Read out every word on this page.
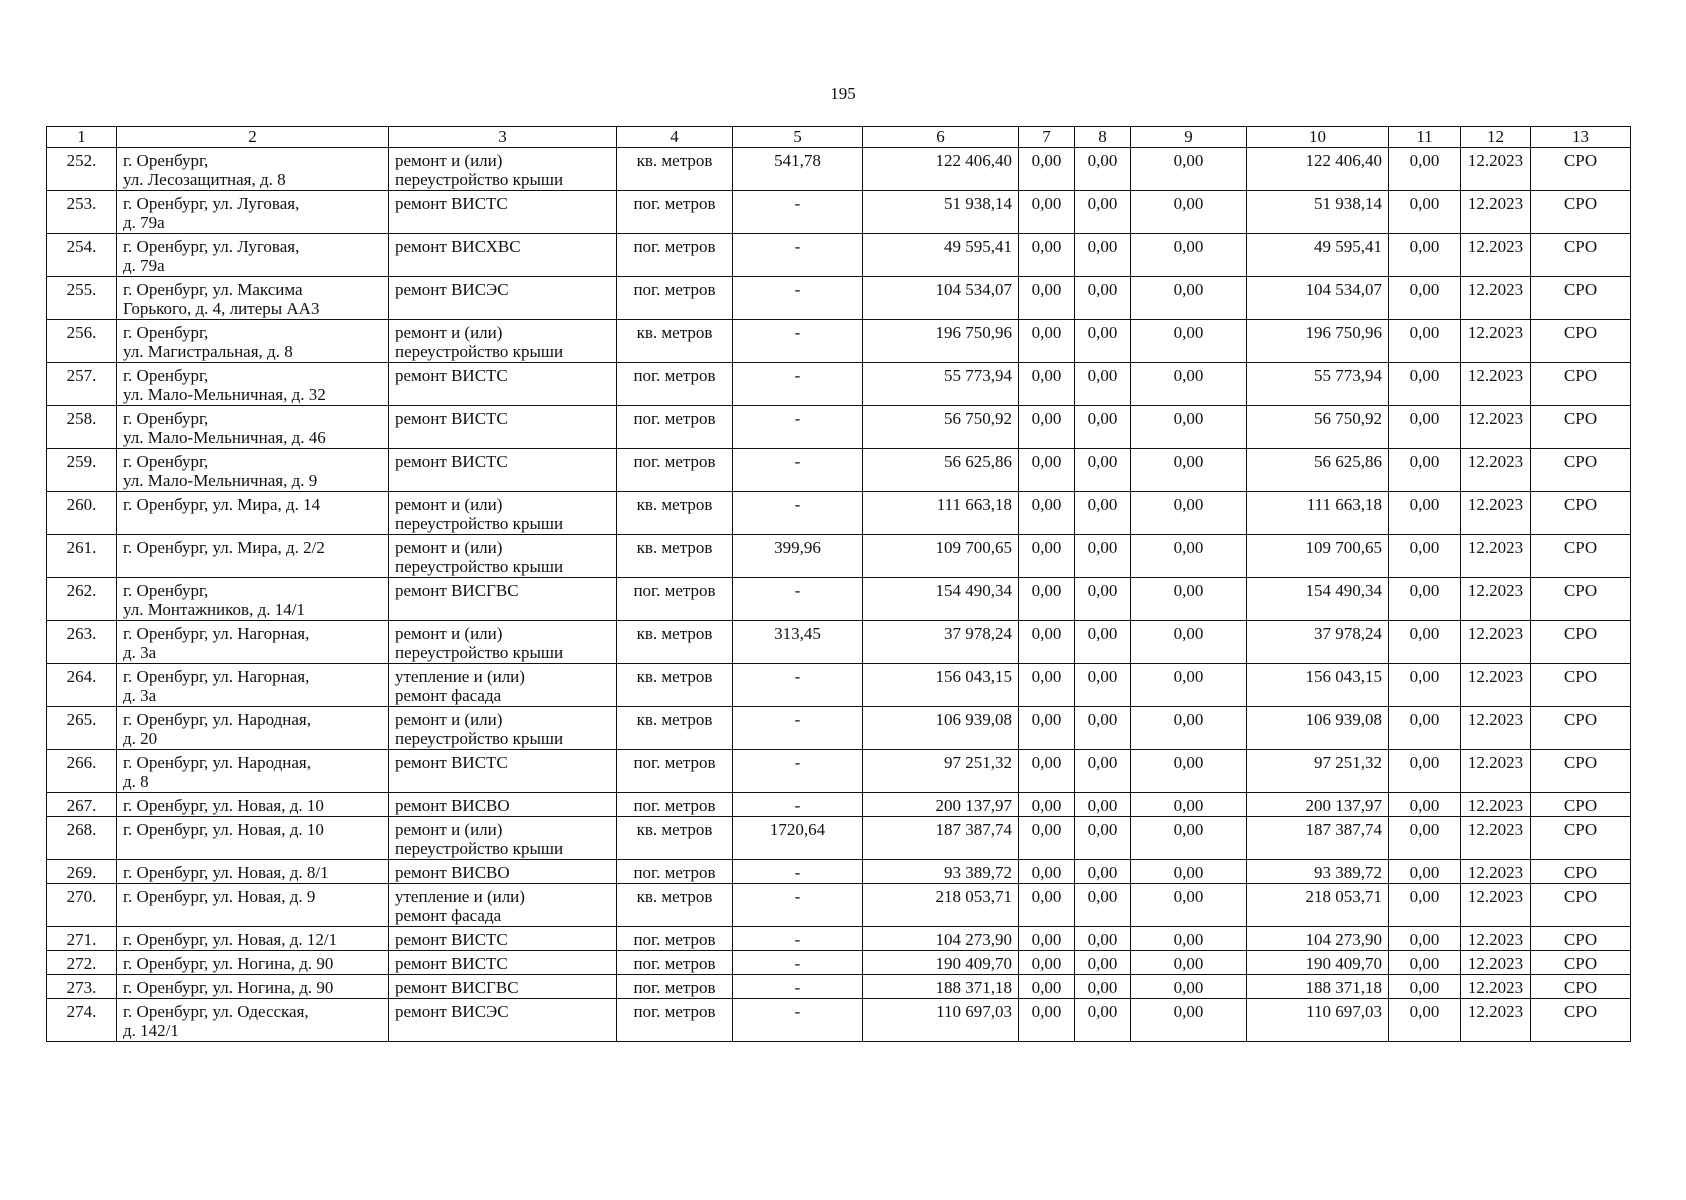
195
1	2	3	4	5	6	7	8	9	10	11	12	13
252.	г. Оренбург,
ул. Лесозащитная, д. 8	ремонт и (или)
переустройство крыши	кв. метров	541,78	122 406,40	0,00	0,00	0,00	122 406,40	0,00	12.2023	СРО
253.	г. Оренбург, ул. Луговая,
д. 79а	ремонт ВИСТС	пог. метров	-	51 938,14	0,00	0,00	0,00	51 938,14	0,00	12.2023	СРО
254.	г. Оренбург, ул. Луговая,
д. 79а	ремонт ВИСХВС	пог. метров	-	49 595,41	0,00	0,00	0,00	49 595,41	0,00	12.2023	СРО
255.	г. Оренбург, ул. Максима
Горького, д. 4, литеры АА3	ремонт ВИСЭС	пог. метров	-	104 534,07	0,00	0,00	0,00	104 534,07	0,00	12.2023	СРО
256.	г. Оренбург,
ул. Магистральная, д. 8	ремонт и (или)
переустройство крыши	кв. метров	-	196 750,96	0,00	0,00	0,00	196 750,96	0,00	12.2023	СРО
257.	г. Оренбург,
ул. Мало-Мельничная, д. 32	ремонт ВИСТС	пог. метров	-	55 773,94	0,00	0,00	0,00	55 773,94	0,00	12.2023	СРО
258.	г. Оренбург,
ул. Мало-Мельничная, д. 46	ремонт ВИСТС	пог. метров	-	56 750,92	0,00	0,00	0,00	56 750,92	0,00	12.2023	СРО
259.	г. Оренбург,
ул. Мало-Мельничная, д. 9	ремонт ВИСТС	пог. метров	-	56 625,86	0,00	0,00	0,00	56 625,86	0,00	12.2023	СРО
260.	г. Оренбург, ул. Мира, д. 14	ремонт и (или)
переустройство крыши	кв. метров	-	111 663,18	0,00	0,00	0,00	111 663,18	0,00	12.2023	СРО
261.	г. Оренбург, ул. Мира, д. 2/2	ремонт и (или)
переустройство крыши	кв. метров	399,96	109 700,65	0,00	0,00	0,00	109 700,65	0,00	12.2023	СРО
262.	г. Оренбург,
ул. Монтажников, д. 14/1	ремонт ВИСГВС	пог. метров	-	154 490,34	0,00	0,00	0,00	154 490,34	0,00	12.2023	СРО
263.	г. Оренбург, ул. Нагорная,
д. 3а	ремонт и (или)
переустройство крыши	кв. метров	313,45	37 978,24	0,00	0,00	0,00	37 978,24	0,00	12.2023	СРО
264.	г. Оренбург, ул. Нагорная,
д. 3а	утепление и (или)
ремонт фасада	кв. метров	-	156 043,15	0,00	0,00	0,00	156 043,15	0,00	12.2023	СРО
265.	г. Оренбург, ул. Народная,
д. 20	ремонт и (или)
переустройство крыши	кв. метров	-	106 939,08	0,00	0,00	0,00	106 939,08	0,00	12.2023	СРО
266.	г. Оренбург, ул. Народная,
д. 8	ремонт ВИСТС	пог. метров	-	97 251,32	0,00	0,00	0,00	97 251,32	0,00	12.2023	СРО
267.	г. Оренбург, ул. Новая, д. 10	ремонт ВИСВО	пог. метров	-	200 137,97	0,00	0,00	0,00	200 137,97	0,00	12.2023	СРО
268.	г. Оренбург, ул. Новая, д. 10	ремонт и (или)
переустройство крыши	кв. метров	1720,64	187 387,74	0,00	0,00	0,00	187 387,74	0,00	12.2023	СРО
269.	г. Оренбург, ул. Новая, д. 8/1	ремонт ВИСВО	пог. метров	-	93 389,72	0,00	0,00	0,00	93 389,72	0,00	12.2023	СРО
270.	г. Оренбург, ул. Новая, д. 9	утепление и (или)
ремонт фасада	кв. метров	-	218 053,71	0,00	0,00	0,00	218 053,71	0,00	12.2023	СРО
271.	г. Оренбург, ул. Новая, д. 12/1	ремонт ВИСТС	пог. метров	-	104 273,90	0,00	0,00	0,00	104 273,90	0,00	12.2023	СРО
272.	г. Оренбург, ул. Ногина, д. 90	ремонт ВИСТС	пог. метров	-	190 409,70	0,00	0,00	0,00	190 409,70	0,00	12.2023	СРО
273.	г. Оренбург, ул. Ногина, д. 90	ремонт ВИСГВС	пог. метров	-	188 371,18	0,00	0,00	0,00	188 371,18	0,00	12.2023	СРО
274.	г. Оренбург, ул. Одесская,
д. 142/1	ремонт ВИСЭС	пог. метров	-	110 697,03	0,00	0,00	0,00	110 697,03	0,00	12.2023	СРО
